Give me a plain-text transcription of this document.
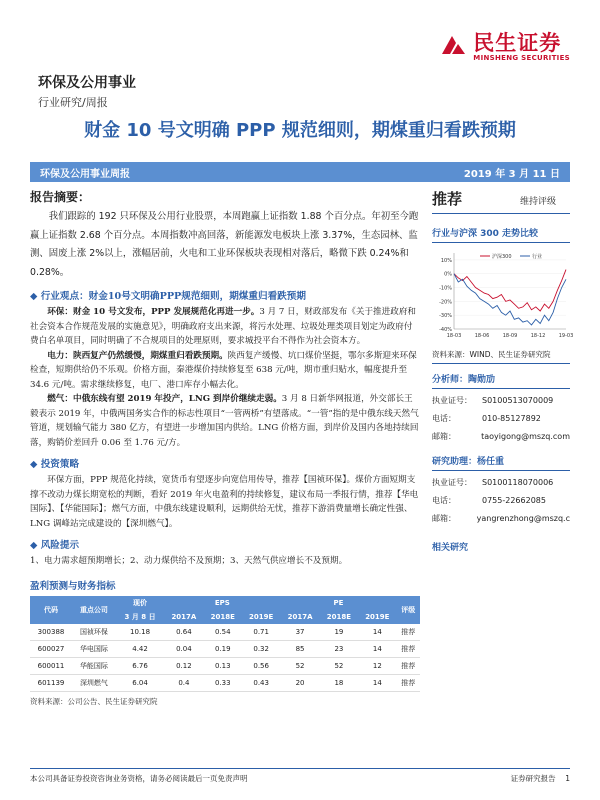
民生证券
MINSHENG SECURITIES
环保及公用事业
行业研究/周报
财金 10 号文明确 PPP 规范细则，期煤重归看跌预期
环保及公用事业周报	2019 年 3 月 11 日
报告摘要：
我们跟踪的 192 只环保及公用行业股票，本周跑赢上证指数 1.88 个百分点。年初至今跑赢上证指数 2.68 个百分点。本周指数冲高回落，新能源发电板块上涨 3.37%，生态园林、监测、固废上涨 2%以上，涨幅居前，火电和工业环保板块表现相对落后，略微下跌 0.24%和 0.28%。
◆ 行业观点：财金10号文明确PPP规范细则，期煤重归看跌预期
环保：财金 10 号文发布，PPP 发展规范化再进一步。3 月 7 日，财政部发布《关于推进政府和社会资本合作规范发展的实施意见》，明确政府支出来源，将污水处理、垃圾处理类项目划定为政府付费白名单项目，同时明确了不合规项目的处理原则，要求城投平台不得作为社会资本方。
电力：陕西复产仍然缓慢，期煤重归看跌预期。陕西复产缓慢、坑口煤价坚挺，鄂尔多斯迎来环保检查，短期供给仍不乐观。价格方面，秦港煤价持续修复至 638 元/吨，期市重归贴水，幅度提升至 34.6 元/吨。需求继续修复，电厂、港口库存小幅去化。
燃气：中俄东线有望 2019 年投产，LNG 到岸价继续走弱。3 月 8 日新华网报道，外交部长王毅表示 2019 年，中俄两国务实合作的标志性项目“一管两桥”有望落成。“一管”指的是中俄东线天然气管道，规划输气能力 380 亿方，有望进一步增加国内供给。LNG 价格方面，到岸价及国内各地持续回落，购销价差回升 0.06 至 1.76 元/方。
◆ 投资策略
环保方面，PPP 规范化持续，宽货币有望逐步向宽信用传导，推荐【国祯环保】。煤价方面短期支撑不改动力煤长期宽松的判断，看好 2019 年火电盈利的持续修复，建议布局一季报行情，推荐【华电国际】、【华能国际】；燃气方面，中俄东线建设顺利，远期供给无忧，推荐下游消费量增长确定性强、LNG 调峰站完成建设的【深圳燃气】。
◆ 风险提示
1、电力需求超预期增长；2、动力煤供给不及预期；3、天然气供应增长不及预期。
盈利预测与财务指标
代码	重点公司	现价	EPS			PE			评级
		3 月 8 日	2017A	2018E	2019E	2017A	2018E	2019E	
300388	国祯环保	10.18	0.64	0.54	0.71	37	19	14	推荐
600027	华电国际	4.42	0.04	0.19	0.32	85	23	14	推荐
600011	华能国际	6.76	0.12	0.13	0.56	52	52	12	推荐
601139	深圳燃气	6.04	0.4	0.33	0.43	20	18	14	推荐
资料来源：公司公告、民生证券研究院
推荐	维持评级
行业与沪深 300 走势比较
10%
0%
-10%
-20%
-30%
-40%
18-03	18-06	18-09	18-12	19-03
沪深300	行业
资料来源：WIND、民生证券研究院
分析师：陶勋劢
执业证号：	S0100513070009
电话：	010-85127892
邮箱：	taoyigong@mszq.com
研究助理：杨任重
执业证号：	S0100118070006
电话：	0755-22662085
邮箱：	yangrenzhong@mszq.c
相关研究
本公司具备证券投资咨询业务资格，请务必阅读最后一页免责声明	证券研究报告 1
